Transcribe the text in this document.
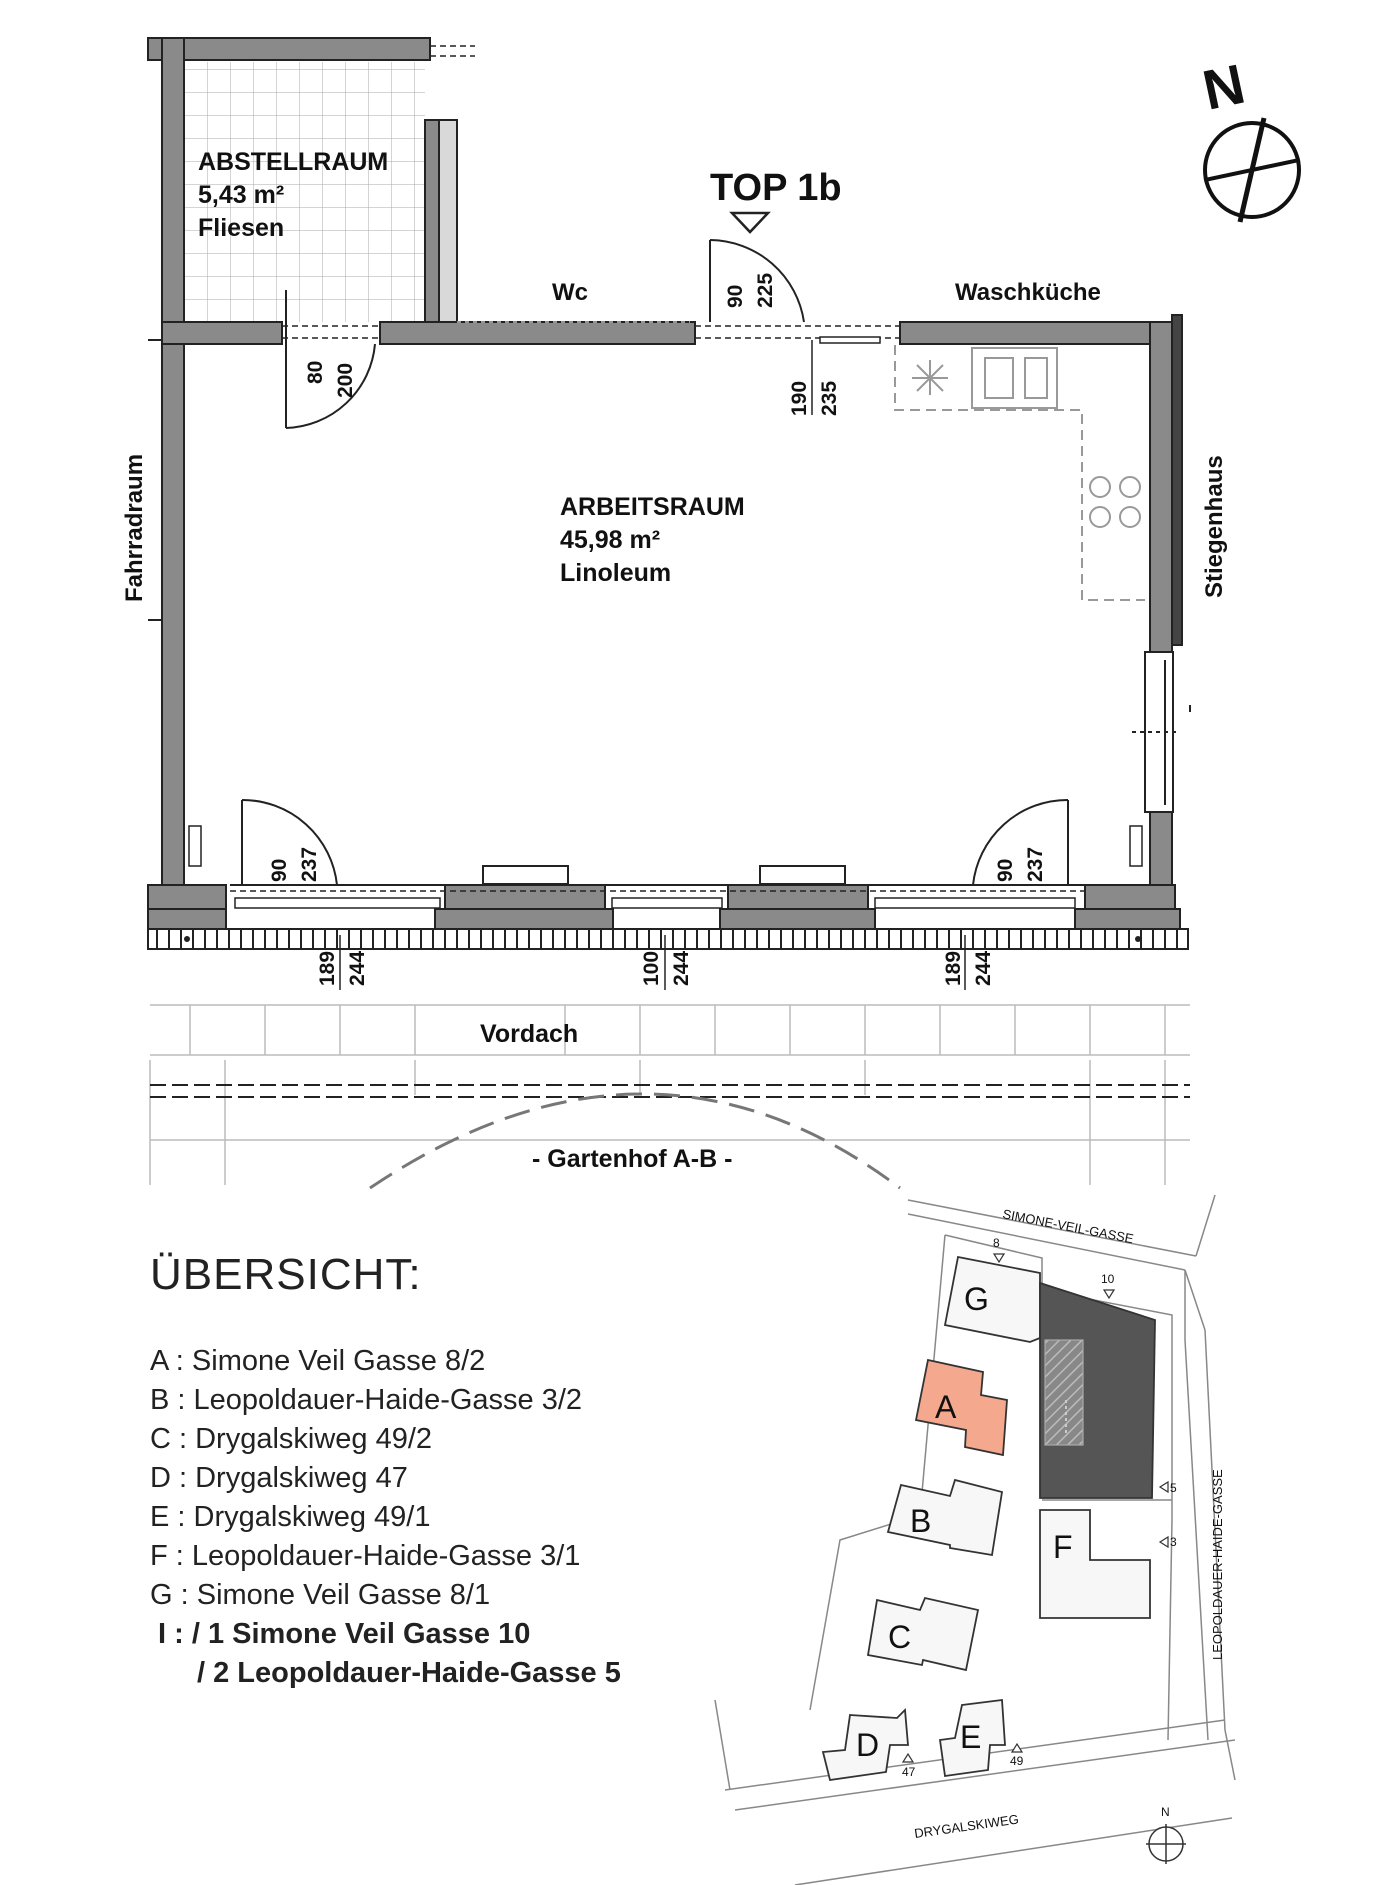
TOP 1b
ABSTELLRAUM
5,43 m²
Fliesen
ARBEITSRAUM
45,98 m²
Linoleum
Wc	Waschküche
Fahrradraum	Stiegenhaus
Vordach
- Gartenhof A-B -
80 200
90 225
190 235
90 237	90 237
189 244	100 244	189 244
N
SIMONE-VEIL-GASSE
LEOPOLDAUER-HAIDE-GASSE
DRYGALSKIWEG
8
10
5
3
47
49
G
A
B
F
C
D	E
N
ÜBERSICHT:
A : Simone Veil Gasse 8/2
B : Leopoldauer-Haide-Gasse 3/2
C : Drygalskiweg 49/2
D : Drygalskiweg 47
E : Drygalskiweg 49/1
F : Leopoldauer-Haide-Gasse 3/1
G : Simone Veil Gasse 8/1
I : / 1 Simone Veil Gasse 10
/ 2 Leopoldauer-Haide-Gasse 5
